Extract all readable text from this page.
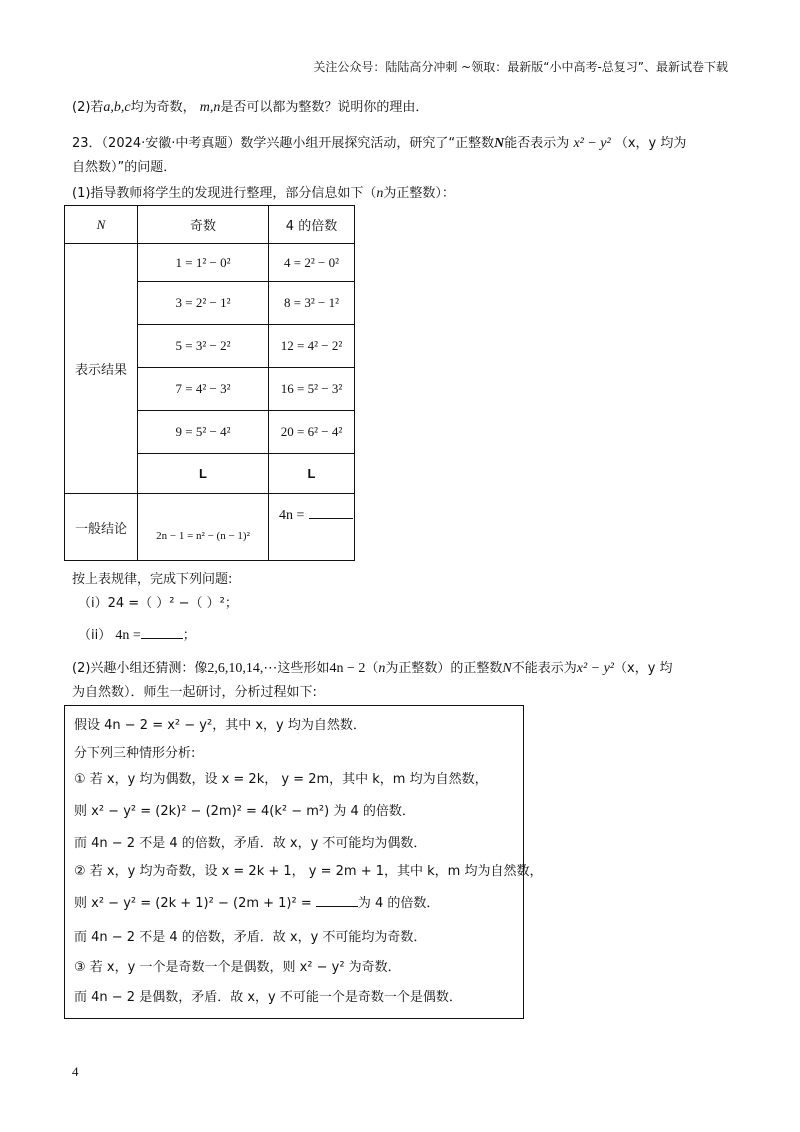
关注公众号：陆陆高分冲刺 ~领取：最新版“小中高考-总复习”、最新试卷下载
(2)若a,b,c均为奇数， m,n是否可以都为整数？说明你的理由．
23．（2024·安徽·中考真题）数学兴趣小组开展探究活动，研究了“正整数N能否表示为 x² − y² （x，y 均为
自然数）”的问题．
(1)指导教师将学生的发现进行整理，部分信息如下（n为正整数）：
N	奇数	4 的倍数
表示结果	1 = 1² − 0²	4 = 2² − 0²
	3 = 2² − 1²	8 = 3² − 1²
	5 = 3² − 2²	12 = 4² − 2²
	7 = 4² − 3²	16 = 5² − 3²
	9 = 5² − 4²	20 = 6² − 4²
	L	L
一般结论	2n − 1 = n² − (n − 1)²	4n =
按上表规律，完成下列问题:
（i）24 =（ ）² −（ ）²；
（ii） 4n =	；
(2)兴趣小组还猜测：像2,6,10,14,⋯这些形如4n − 2（n为正整数）的正整数N不能表示为x² − y²（x，y 均
为自然数）．师生一起研讨，分析过程如下:
假设 4n − 2 = x² − y²，其中 x，y 均为自然数．
分下列三种情形分析:
① 若 x，y 均为偶数，设 x = 2k， y = 2m，其中 k，m 均为自然数，
则 x² − y² = (2k)² − (2m)² = 4(k² − m²) 为 4 的倍数．
而 4n − 2 不是 4 的倍数，矛盾．故 x，y 不可能均为偶数．
② 若 x，y 均为奇数，设 x = 2k + 1， y = 2m + 1，其中 k，m 均为自然数，
则 x² − y² = (2k + 1)² − (2m + 1)² =	为 4 的倍数．
而 4n − 2 不是 4 的倍数，矛盾．故 x，y 不可能均为奇数．
③ 若 x，y 一个是奇数一个是偶数，则 x² − y² 为奇数．
而 4n − 2 是偶数，矛盾．故 x，y 不可能一个是奇数一个是偶数．
4
